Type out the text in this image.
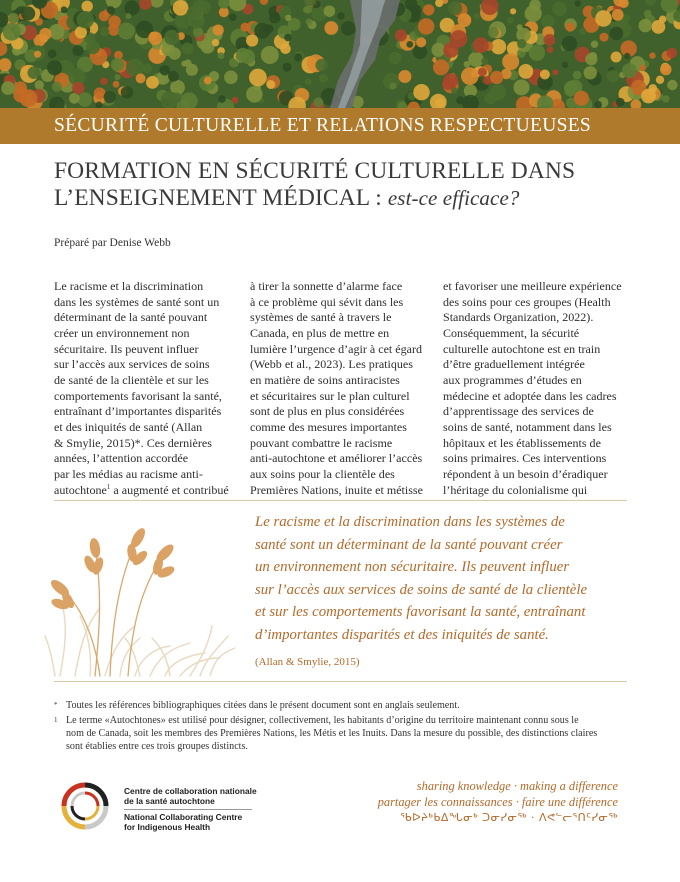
SÉCURITÉ CULTURELLE ET RELATIONS RESPECTUEUSES
FORMATION EN SÉCURITÉ CULTURELLE DANS
L’ENSEIGNEMENT MÉDICAL : est-ce efficace?
Préparé par Denise Webb
Le racisme et la discrimination
dans les systèmes de santé sont un
déterminant de la santé pouvant
créer un environnement non
sécuritaire. Ils peuvent influer
sur l’accès aux services de soins
de santé de la clientèle et sur les
comportements favorisant la santé,
entraînant d’importantes disparités
et des iniquités de santé (Allan
& Smylie, 2015)*. Ces dernières
années, l’attention accordée
par les médias au racisme anti-
autochtone$^1$ a augmenté et contribué
à tirer la sonnette d’alarme face
à ce problème qui sévit dans les
systèmes de santé à travers le
Canada, en plus de mettre en
lumière l’urgence d’agir à cet égard
(Webb et al., 2023). Les pratiques
en matière de soins antiracistes
et sécuritaires sur le plan culturel
sont de plus en plus considérées
comme des mesures importantes
pouvant combattre le racisme
anti-autochtone et améliorer l’accès
aux soins pour la clientèle des
Premières Nations, inuite et métisse
et favoriser une meilleure expérience
des soins pour ces groupes (Health
Standards Organization, 2022).
Conséquemment, la sécurité
culturelle autochtone est en train
d’être graduellement intégrée
aux programmes d’études en
médecine et adoptée dans les cadres
d’apprentissage des services de
soins de santé, notamment dans les
hôpitaux et les établissements de
soins primaires. Ces interventions
répondent à un besoin d’éradiquer
l’héritage du colonialisme qui
Le racisme et la discrimination dans les systèmes de
santé sont un déterminant de la santé pouvant créer
un environnement non sécuritaire. Ils peuvent influer
sur l’accès aux services de soins de santé de la clientèle
et sur les comportements favorisant la santé, entraînant
d’importantes disparités et des iniquités de santé.
(Allan & Smylie, 2015)
* Toutes les références bibliographiques citées dans le présent document sont en anglais seulement.
1 Le terme «Autochtones» est utilisé pour désigner, collectivement, les habitants d’origine du territoire maintenant connu sous le
nom de Canada, soit les membres des Premières Nations, les Métis et les Inuits. Dans la mesure du possible, des distinctions claires
sont établies entre ces trois groupes distincts.
Centre de collaboration nationale
de la santé autochtone
National Collaborating Centre
for Indigenous Health
sharing knowledge · making a difference
partager les connaissances · faire une différence
ᖃᐅᔨᒃᑲᐃᖓᓂᒃ ᑐᓂᓯᓂᖅ · ᐱᕙᓪᓕᕐᑎᑦᓯᓂᖅ
